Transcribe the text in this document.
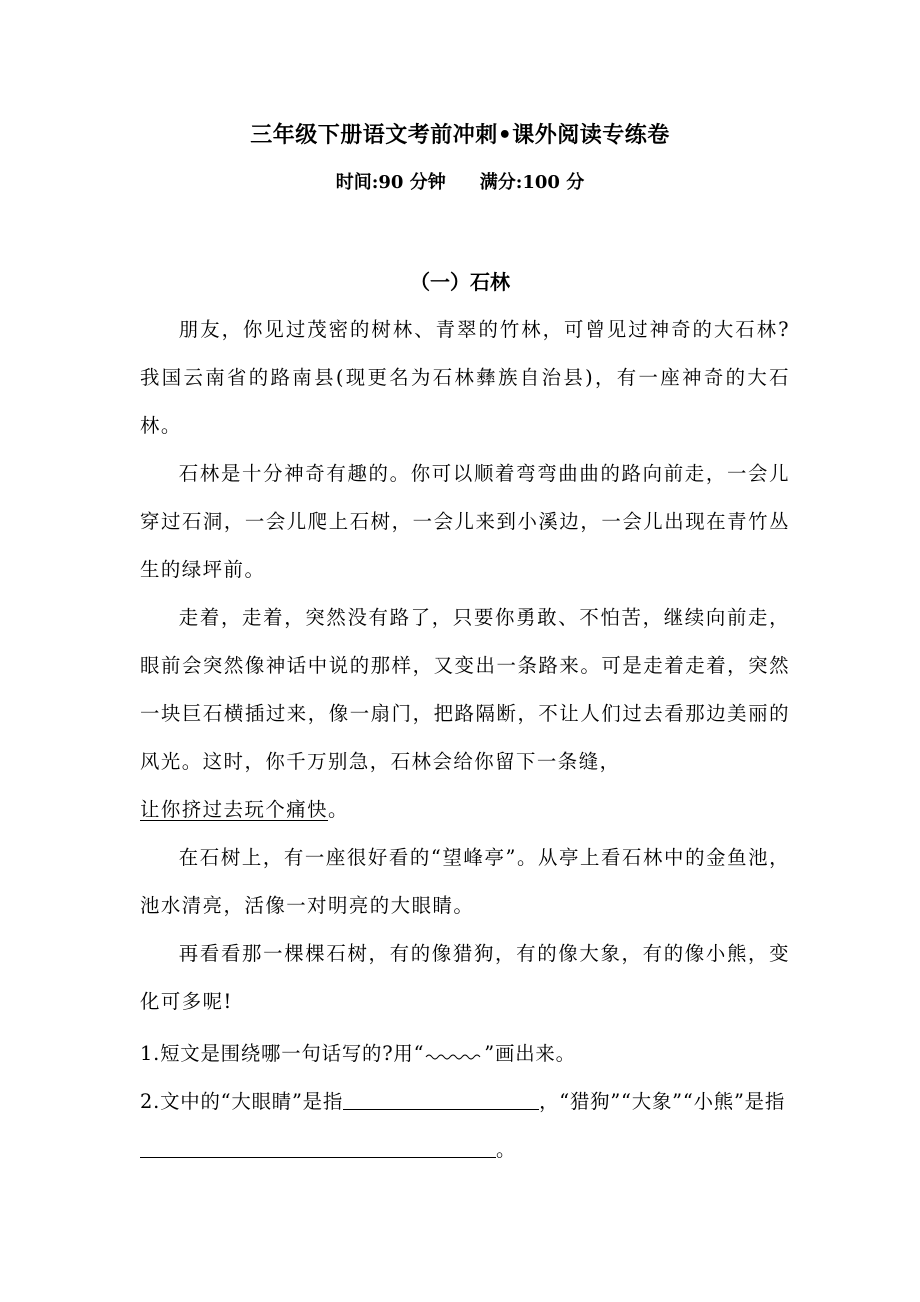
三年级下册语文考前冲刺•课外阅读专练卷
时间:90 分钟 满分:100 分
（一）石林

朋友，你见过茂密的树林、青翠的竹林，可曾见过神奇的大石林?我国云南省的路南县(现更名为石林彝族自治县)，有一座神奇的大石林。

石林是十分神奇有趣的。你可以顺着弯弯曲曲的路向前走，一会儿穿过石洞，一会儿爬上石树，一会儿来到小溪边，一会儿出现在青竹丛生的绿坪前。

走着，走着，突然没有路了，只要你勇敢、不怕苦，继续向前走，眼前会突然像神话中说的那样，又变出一条路来。可是走着走着，突然一块巨石横插过来，像一扇门，把路隔断，不让人们过去看那边美丽的风光。这时，你千万别急，石林会给你留下一条缝，
让你挤过去玩个痛快。

在石树上，有一座很好看的“望峰亭”。从亭上看石林中的金鱼池，池水清亮，活像一对明亮的大眼睛。

再看看那一棵棵石树，有的像猎狗，有的像大象，有的像小熊，变化可多呢!

1.短文是围绕哪一句话写的?用“	”画出来。

2.文中的“大眼睛”是指	，“猎狗”“大象”“小熊”是指。
